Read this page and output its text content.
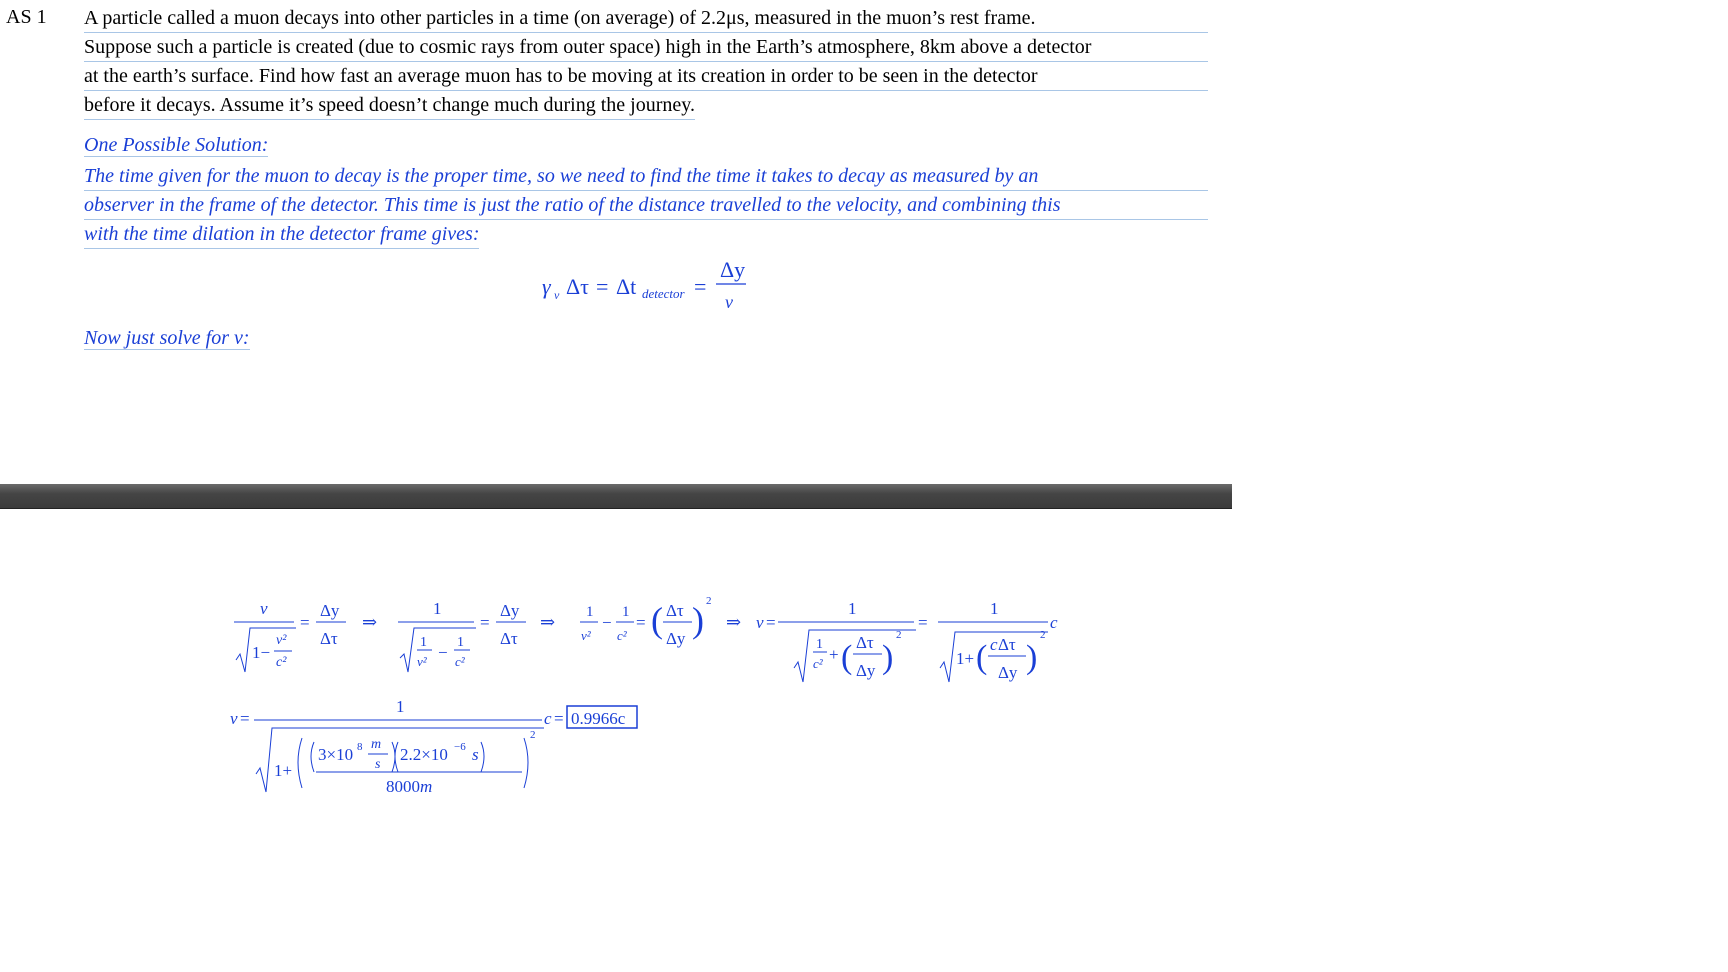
AS 1 A particle called a muon decays into other particles in a time (on average) of 2.2μs, measured in the muon’s rest frame.
Suppose such a particle is created (due to cosmic rays from outer space) high in the Earth’s atmosphere, 8km above a detector
at the earth’s surface. Find how fast an average muon has to be moving at its creation in order to be seen in the detector
before it decays. Assume it’s speed doesn’t change much during the journey.
One Possible Solution:
The time given for the muon to decay is the proper time, so we need to find the time it takes to decay as measured by an
observer in the frame of the detector. This time is just the ratio of the distance travelled to the velocity, and combining this
with the time dilation in the detector frame gives:
γ v Δτ = Δt detector =
Δy
v
Now just solve for v:
v
1−
v²
c²
=
Δy
Δτ
⇒
1
1
v² −
1
c²
=
Δy
Δτ
⇒ 1
v²
−
1
c²
= ( Δτ
Δy ) 2
⇒ v =
1
1
c² + ( Δτ
Δy )
2
=
1
1+ ( c Δτ
Δy )
2
c
v =
1
1+
3×10 8 m
s
2.2×10 −6 s
8000m
2
c = 0.9966c
